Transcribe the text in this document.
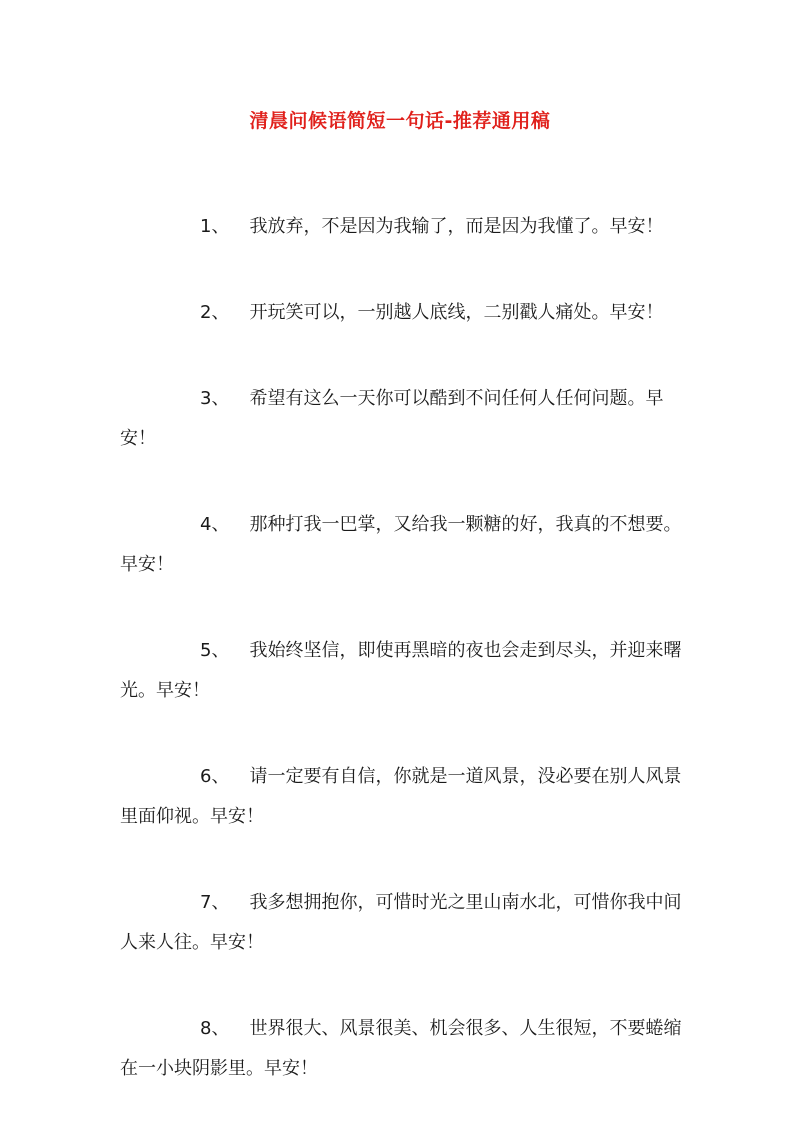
清晨问候语简短一句话-推荐通用稿

1、 我放弃，不是因为我输了，而是因为我懂了。早安！

2、 开玩笑可以，一别越人底线，二别戳人痛处。早安！

3、 希望有这么一天你可以酷到不问任何人任何问题。早安！

4、 那种打我一巴掌，又给我一颗糖的好，我真的不想要。早安！

5、 我始终坚信，即使再黑暗的夜也会走到尽头，并迎来曙光。早安！

6、 请一定要有自信，你就是一道风景，没必要在别人风景里面仰视。早安！

7、 我多想拥抱你，可惜时光之里山南水北，可惜你我中间人来人往。早安！

8、 世界很大、风景很美、机会很多、人生很短，不要蜷缩在一小块阴影里。早安！
